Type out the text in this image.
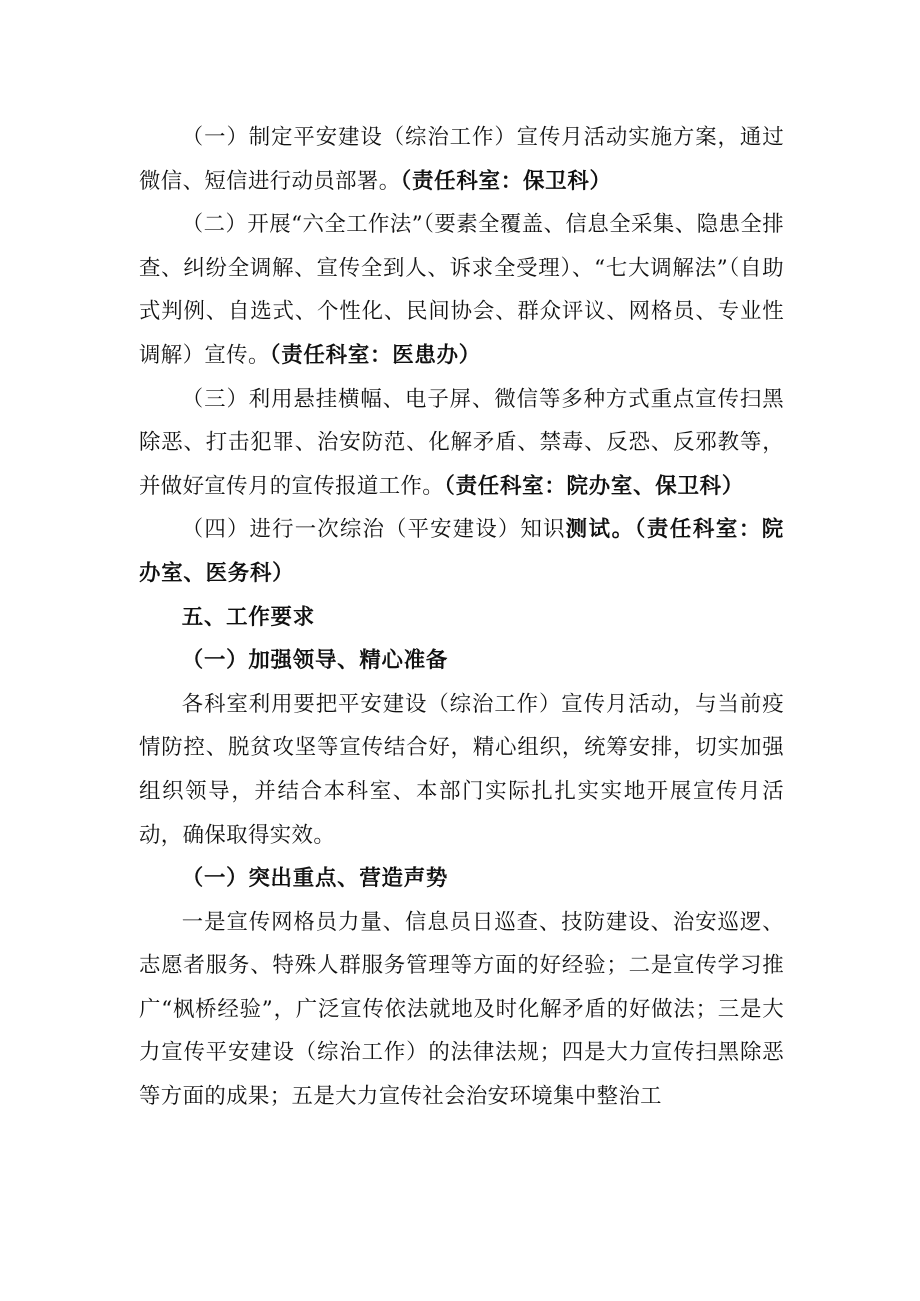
（一）制定平安建设（综治工作）宣传月活动实施方案，通过微信、短信进行动员部署。（责任科室：保卫科）

（二）开展“六全工作法”（要素全覆盖、信息全采集、隐患全排查、纠纷全调解、宣传全到人、诉求全受理）、“七大调解法”（自助式判例、自选式、个性化、民间协会、群众评议、网格员、专业性调解）宣传。（责任科室：医患办）

（三）利用悬挂横幅、电子屏、微信等多种方式重点宣传扫黑除恶、打击犯罪、治安防范、化解矛盾、禁毒、反恐、反邪教等，并做好宣传月的宣传报道工作。（责任科室：院办室、保卫科）

（四）进行一次综治（平安建设）知识测试。（责任科室：院办室、医务科）

五、工作要求

（一）加强领导、精心准备

各科室利用要把平安建设（综治工作）宣传月活动，与当前疫情防控、脱贫攻坚等宣传结合好，精心组织，统筹安排，切实加强组织领导，并结合本科室、本部门实际扎扎实实地开展宣传月活动，确保取得实效。

（一）突出重点、营造声势

一是宣传网格员力量、信息员日巡查、技防建设、治安巡逻、志愿者服务、特殊人群服务管理等方面的好经验；二是宣传学习推广“枫桥经验”，广泛宣传依法就地及时化解矛盾的好做法；三是大力宣传平安建设（综治工作）的法律法规；四是大力宣传扫黑除恶等方面的成果；五是大力宣传社会治安环境集中整治工
